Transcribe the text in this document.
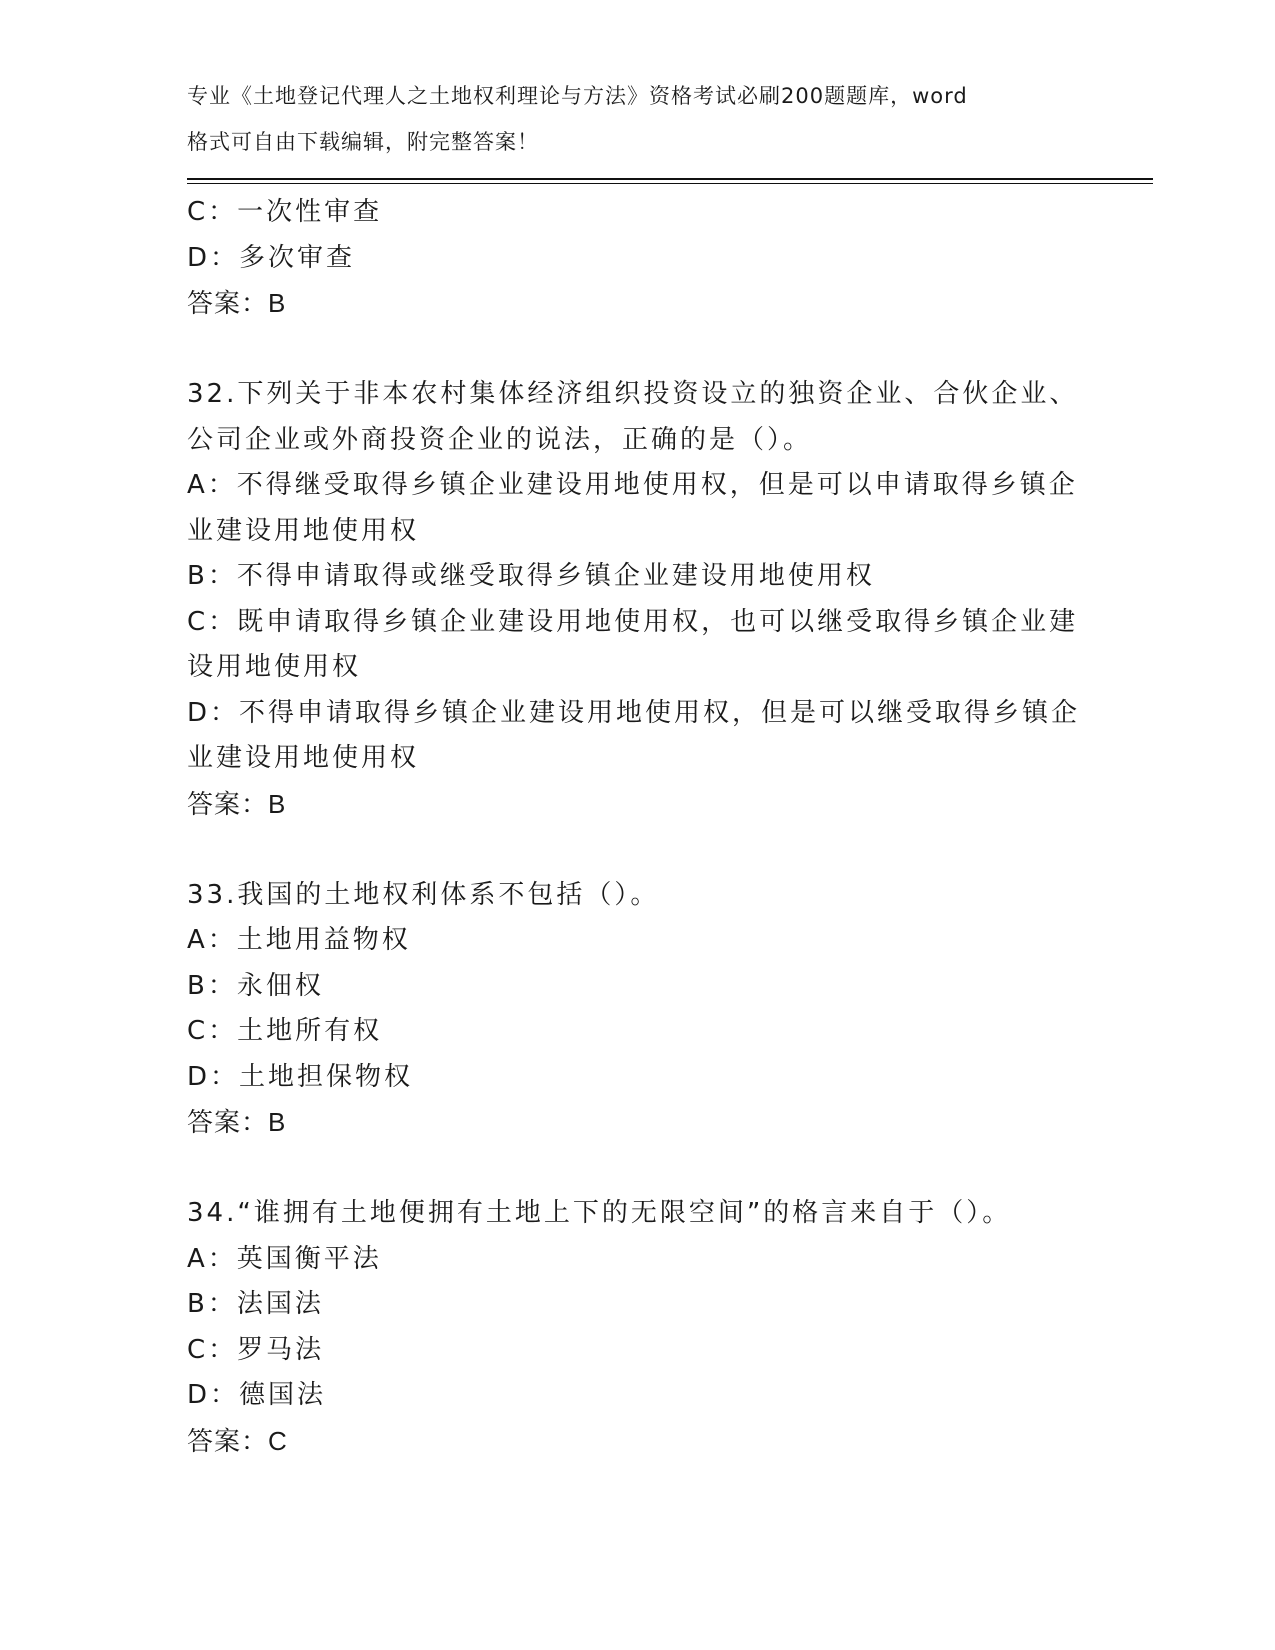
专业《土地登记代理人之土地权利理论与方法》资格考试必刷200题题库，word
格式可自由下载编辑，附完整答案！
C：一次性审查
D：多次审查
答案：B
32.下列关于非本农村集体经济组织投资设立的独资企业、合伙企业、
公司企业或外商投资企业的说法，正确的是（）。
A：不得继受取得乡镇企业建设用地使用权，但是可以申请取得乡镇企
业建设用地使用权
B：不得申请取得或继受取得乡镇企业建设用地使用权
C：既申请取得乡镇企业建设用地使用权，也可以继受取得乡镇企业建
设用地使用权
D：不得申请取得乡镇企业建设用地使用权，但是可以继受取得乡镇企
业建设用地使用权
答案：B
33.我国的土地权利体系不包括（）。
A：土地用益物权
B：永佃权
C：土地所有权
D：土地担保物权
答案：B
34.“谁拥有土地便拥有土地上下的无限空间”的格言来自于（）。
A：英国衡平法
B：法国法
C：罗马法
D：德国法
答案：C
